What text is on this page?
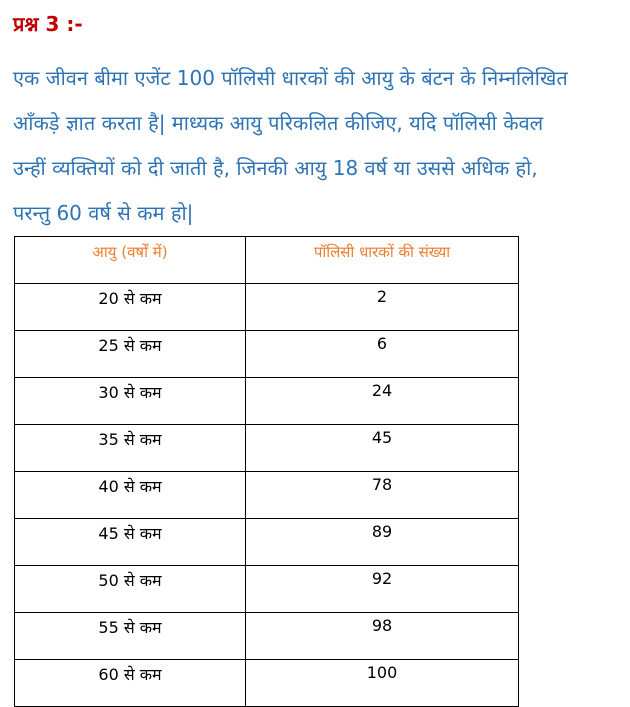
प्रश्न 3 :-
एक जीवन बीमा एजेंट 100 पॉलिसी धारकों की आयु के बंटन के निम्नलिखित
आँकड़े ज्ञात करता है| माध्यक आयु परिकलित कीजिए, यदि पॉलिसी केवल
उन्हीं व्यक्तियों को दी जाती है, जिनकी आयु 18 वर्ष या उससे अधिक हो,
परन्तु 60 वर्ष से कम हो|
आयु (वर्षों में)	पॉलिसी धारकों की संख्या
20 से कम	2
25 से कम	6
30 से कम	24
35 से कम	45
40 से कम	78
45 से कम	89
50 से कम	92
55 से कम	98
60 से कम	100
